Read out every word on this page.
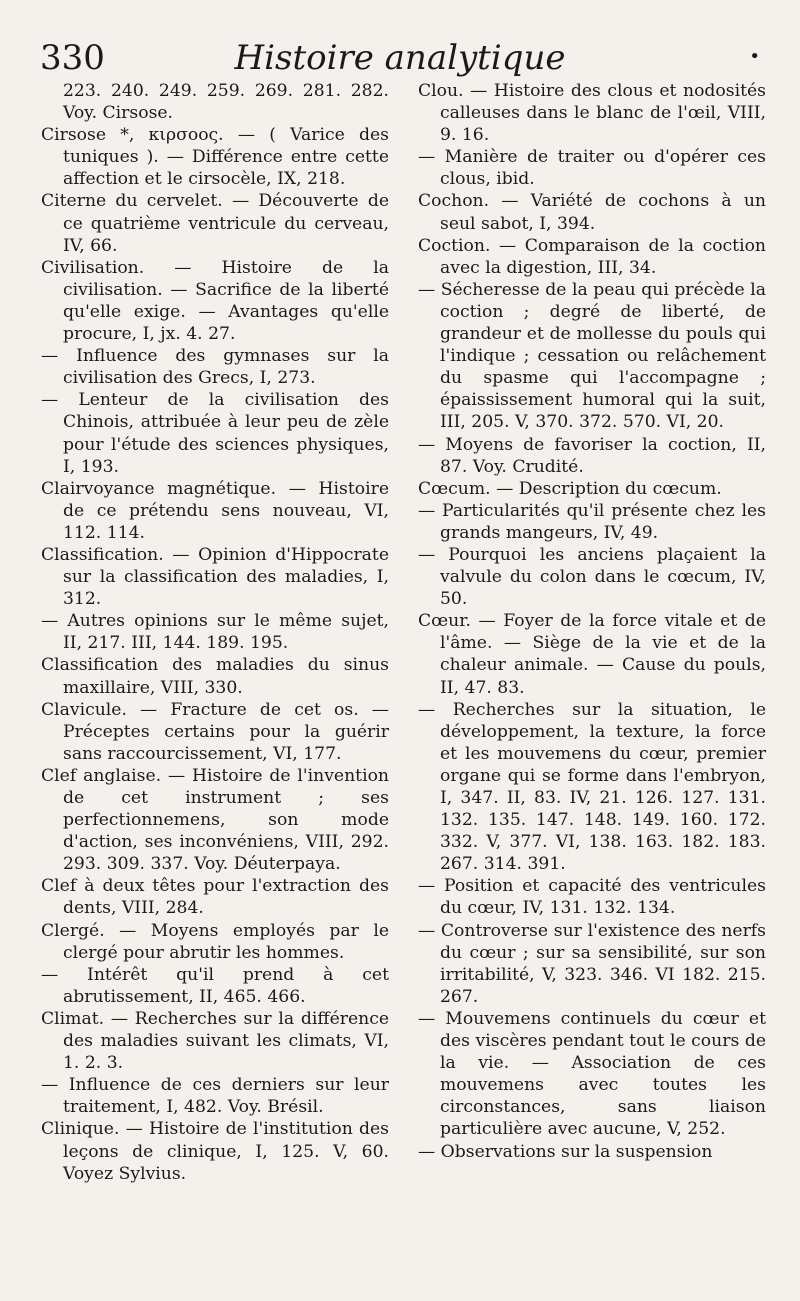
330	Histoire analytique	•

223. 240. 249. 259. 269. 281. 282. Voy. Cirsose.

Cirsose *, κιρσοος. — ( Varice des tuniques ). — Différence entre cette affection et le cirsocèle, IX, 218.

Citerne du cervelet. — Découverte de ce quatrième ventricule du cerveau, IV, 66.

Civilisation. — Histoire de la civilisation. — Sacrifice de la liberté qu'elle exige. — Avantages qu'elle procure, I, jx. 4. 27.

— Influence des gymnases sur la civilisation des Grecs, I, 273.

— Lenteur de la civilisation des Chinois, attribuée à leur peu de zèle pour l'étude des sciences physiques, I, 193.

Clairvoyance magnétique. — Histoire de ce prétendu sens nouveau, VI, 112. 114.

Classification. — Opinion d'Hippocrate sur la classification des maladies, I, 312.

— Autres opinions sur le même sujet, II, 217. III, 144. 189. 195.

Classification des maladies du sinus maxillaire, VIII, 330.

Clavicule. — Fracture de cet os. — Préceptes certains pour la guérir sans raccourcissement, VI, 177.

Clef anglaise. — Histoire de l'invention de cet instrument ; ses perfectionnemens, son mode d'action, ses inconvéniens, VIII, 292. 293. 309. 337. Voy. Déuterpaya.

Clef à deux têtes pour l'extraction des dents, VIII, 284.

Clergé. — Moyens employés par le clergé pour abrutir les hommes.

— Intérêt qu'il prend à cet abrutissement, II, 465. 466.

Climat. — Recherches sur la différence des maladies suivant les climats, VI, 1. 2. 3.

— Influence de ces derniers sur leur traitement, I, 482. Voy. Brésil.

Clinique. — Histoire de l'institution des leçons de clinique, I, 125. V, 60. Voyez Sylvius.

Clou. — Histoire des clous et nodosités calleuses dans le blanc de l'œil, VIII, 9. 16.

— Manière de traiter ou d'opérer ces clous, ibid.

Cochon. — Variété de cochons à un seul sabot, I, 394.

Coction. — Comparaison de la coction avec la digestion, III, 34.

— Sécheresse de la peau qui précède la coction ; degré de liberté, de grandeur et de mollesse du pouls qui l'indique ; cessation ou relâchement du spasme qui l'accompagne ; épaississement humoral qui la suit, III, 205. V, 370. 372. 570. VI, 20.

— Moyens de favoriser la coction, II, 87. Voy. Crudité.

Cœcum. — Description du cœcum.

— Particularités qu'il présente chez les grands mangeurs, IV, 49.

— Pourquoi les anciens plaçaient la valvule du colon dans le cœcum, IV, 50.

Cœur. — Foyer de la force vitale et de l'âme. — Siège de la vie et de la chaleur animale. — Cause du pouls, II, 47. 83.

— Recherches sur la situation, le développement, la texture, la force et les mouvemens du cœur, premier organe qui se forme dans l'embryon, I, 347. II, 83. IV, 21. 126. 127. 131. 132. 135. 147. 148. 149. 160. 172. 332. V, 377. VI, 138. 163. 182. 183. 267. 314. 391.

— Position et capacité des ventricules du cœur, IV, 131. 132. 134.

— Controverse sur l'existence des nerfs du cœur ; sur sa sensibilité, sur son irritabilité, V, 323. 346. VI 182. 215. 267.

— Mouvemens continuels du cœur et des viscères pendant tout le cours de la vie. — Association de ces mouvemens avec toutes les circonstances, sans liaison particulière avec aucune, V, 252.

— Observations sur la suspension
